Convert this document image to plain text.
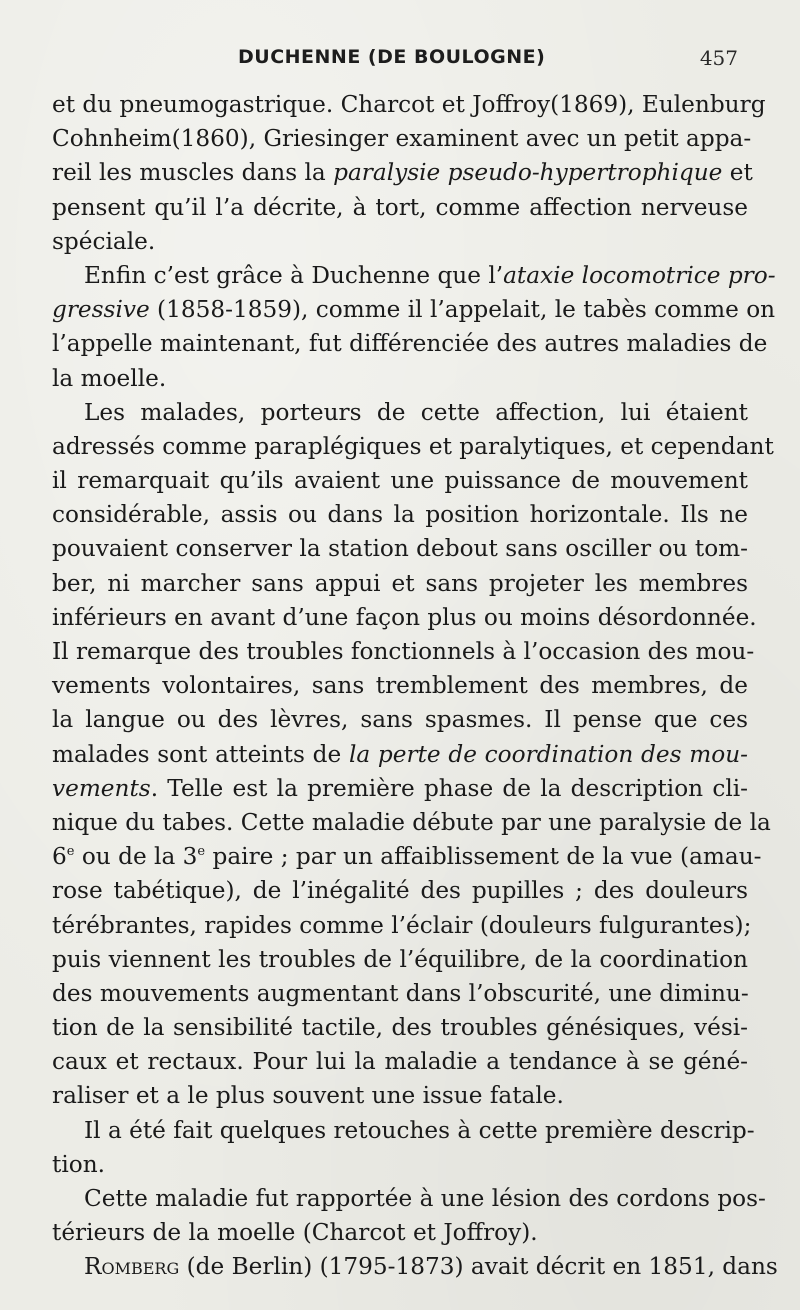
DUCHENNE (DE BOULOGNE)	457
et du pneumogastrique. Charcot et Joffroy(1869), Eulenburg
Cohnheim(1860), Griesinger examinent avec un petit appa-
reil les muscles dans la paralysie pseudo-hypertrophique et
pensent qu’il l’a décrite, à tort, comme affection nerveuse
spéciale.
Enfin c’est grâce à Duchenne que l’ataxie locomotrice pro-
gressive (1858-1859), comme il l’appelait, le tabès comme on
l’appelle maintenant, fut différenciée des autres maladies de
la moelle.
Les malades, porteurs de cette affection, lui étaient
adressés comme paraplégiques et paralytiques, et cependant
il remarquait qu’ils avaient une puissance de mouvement
considérable, assis ou dans la position horizontale. Ils ne
pouvaient conserver la station debout sans osciller ou tom-
ber, ni marcher sans appui et sans projeter les membres
inférieurs en avant d’une façon plus ou moins désordonnée.
Il remarque des troubles fonctionnels à l’occasion des mou-
vements volontaires, sans tremblement des membres, de
la langue ou des lèvres, sans spasmes. Il pense que ces
malades sont atteints de la perte de coordination des mou-
vements. Telle est la première phase de la description cli-
nique du tabes. Cette maladie débute par une paralysie de la
6e ou de la 3e paire ; par un affaiblissement de la vue (amau-
rose tabétique), de l’inégalité des pupilles ; des douleurs
térébrantes, rapides comme l’éclair (douleurs fulgurantes);
puis viennent les troubles de l’équilibre, de la coordination
des mouvements augmentant dans l’obscurité, une diminu-
tion de la sensibilité tactile, des troubles génésiques, vési-
caux et rectaux. Pour lui la maladie a tendance à se géné-
raliser et a le plus souvent une issue fatale.
Il a été fait quelques retouches à cette première descrip-
tion.
Cette maladie fut rapportée à une lésion des cordons pos-
térieurs de la moelle (Charcot et Joffroy).
Romberg (de Berlin) (1795-1873) avait décrit en 1851, dans
